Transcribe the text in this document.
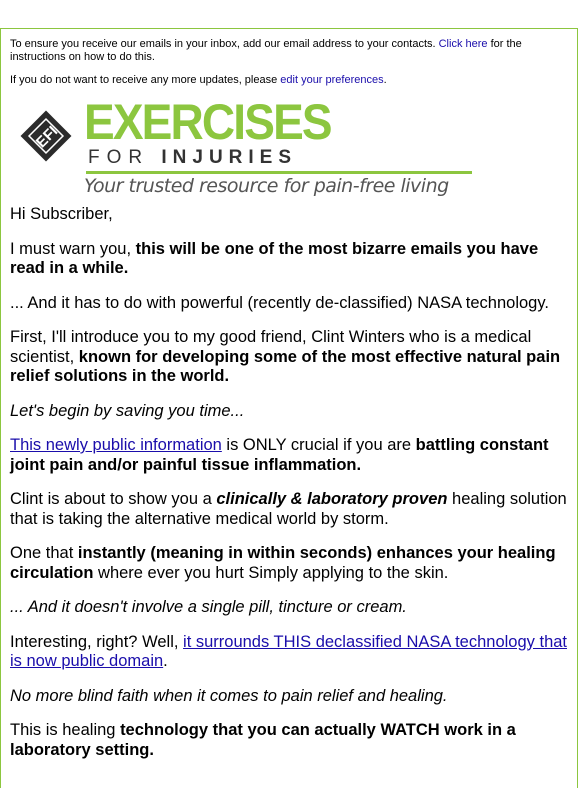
To ensure you receive our emails in your inbox, add our email address to your contacts. Click here for the instructions on how to do this.

If you do not want to receive any more updates, please edit your preferences.

EFI EXERCISES
FOR INJURIES
Your trusted resource for pain-free living

Hi Subscriber,

I must warn you, this will be one of the most bizarre emails you have read in a while.

... And it has to do with powerful (recently de-classified) NASA technology.

First, I'll introduce you to my good friend, Clint Winters who is a medical scientist, known for developing some of the most effective natural pain relief solutions in the world.

Let's begin by saving you time...

This newly public information is ONLY crucial if you are battling constant joint pain and/or painful tissue inflammation.

Clint is about to show you a clinically & laboratory proven healing solution that is taking the alternative medical world by storm.

One that instantly (meaning in within seconds) enhances your healing circulation where ever you hurt Simply applying to the skin.

... And it doesn't involve a single pill, tincture or cream.

Interesting, right? Well, it surrounds THIS declassified NASA technology that is now public domain.

No more blind faith when it comes to pain relief and healing.

This is healing technology that you can actually WATCH work in a laboratory setting.
